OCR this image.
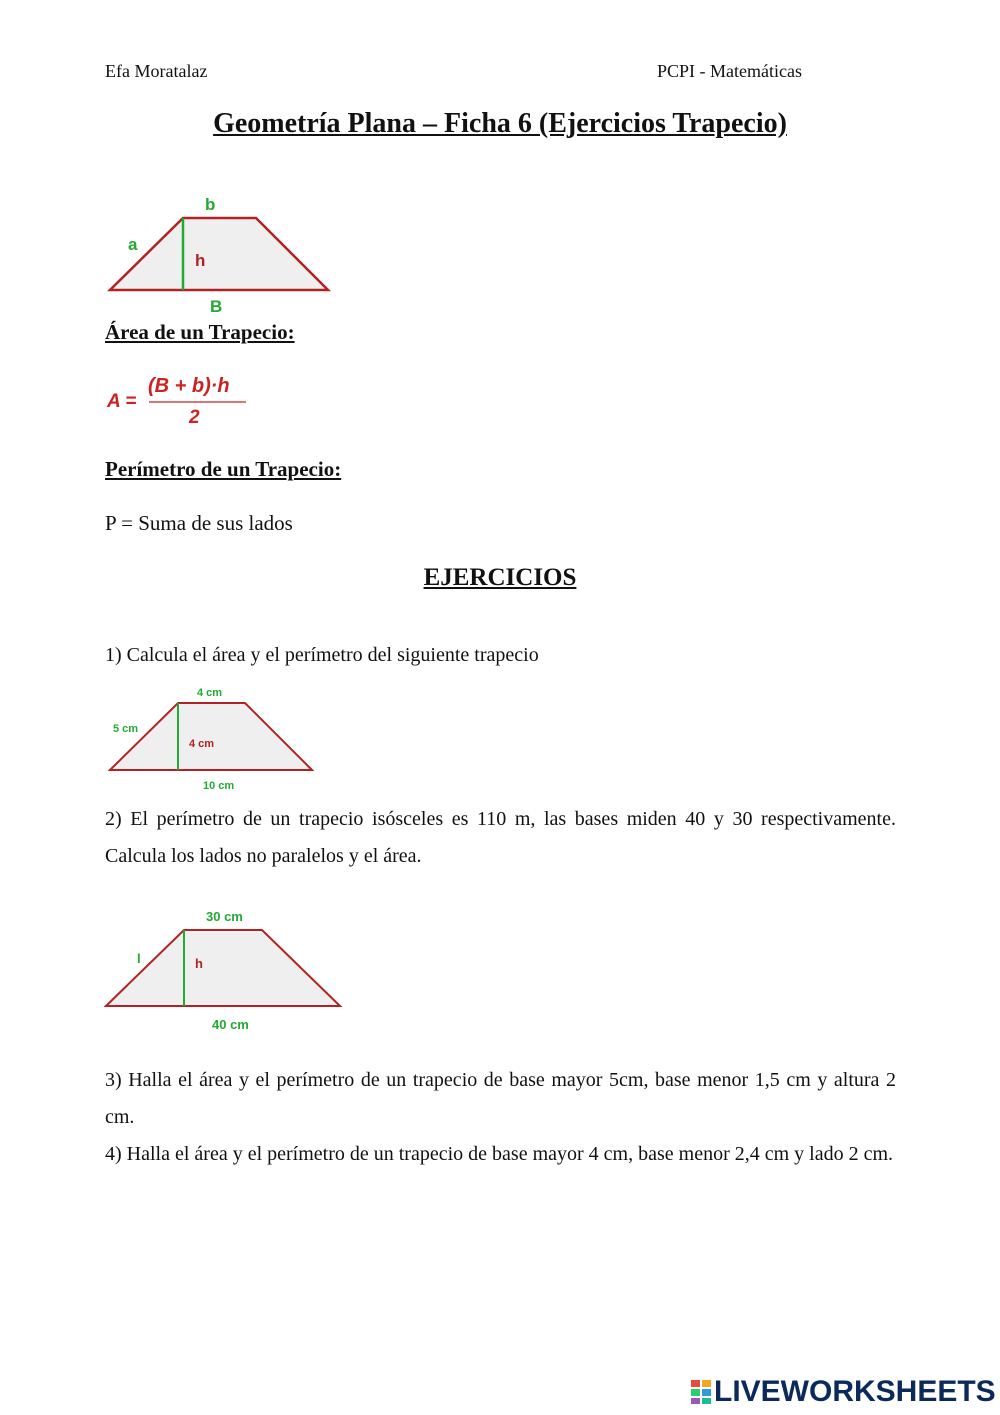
Efa Moratalaz	PCPI - Matemáticas
Geometría Plana – Ficha 6 (Ejercicios Trapecio)
b
a
h
B
Área de un Trapecio:
A =
(B + b)·h
2
Perímetro de un Trapecio:
P = Suma de sus lados
EJERCICIOS
1) Calcula el área y el perímetro del siguiente trapecio
4 cm
5 cm
4 cm
10 cm
2) El perímetro de un trapecio isósceles es 110 m, las bases miden 40 y 30 respectivamente. Calcula los lados no paralelos y el área.
30 cm
l	h
40 cm
3) Halla el área y el perímetro de un trapecio de base mayor 5cm, base menor 1,5 cm y altura 2 cm.
4) Halla el área y el perímetro de un trapecio de base mayor 4 cm, base menor 2,4 cm y lado 2 cm.
LIVEWORKSHEETS
